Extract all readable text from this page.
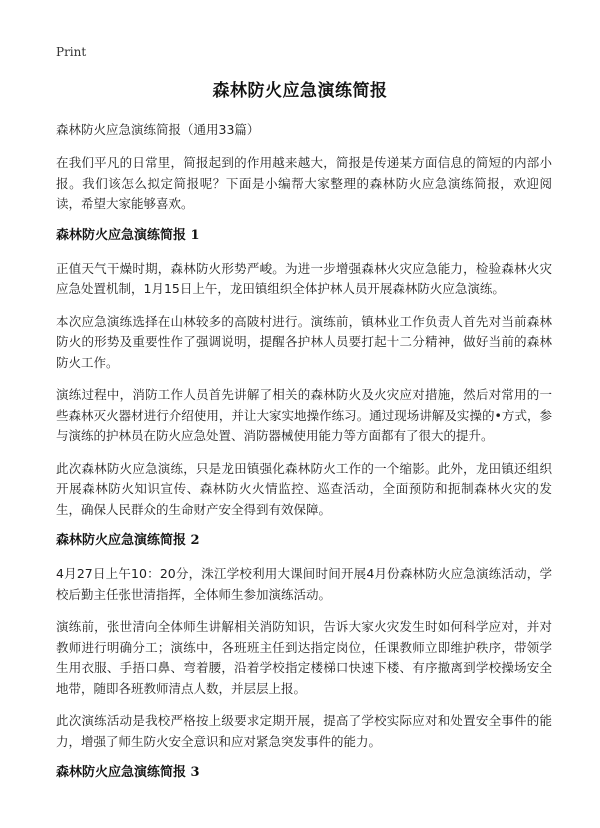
Print
森林防火应急演练简报
森林防火应急演练简报（通用33篇）

在我们平凡的日常里，简报起到的作用越来越大，简报是传递某方面信息的简短的内部小报。我们该怎么拟定简报呢？下面是小编帮大家整理的森林防火应急演练简报，欢迎阅读，希望大家能够喜欢。

森林防火应急演练简报 1

正值天气干燥时期，森林防火形势严峻。为进一步增强森林火灾应急能力，检验森林火灾应急处置机制，1月15日上午，龙田镇组织全体护林人员开展森林防火应急演练。

本次应急演练选择在山林较多的高陂村进行。演练前，镇林业工作负责人首先对当前森林防火的形势及重要性作了强调说明，提醒各护林人员要打起十二分精神，做好当前的森林防火工作。

演练过程中，消防工作人员首先讲解了相关的森林防火及火灾应对措施，然后对常用的一些森林灭火器材进行介绍使用，并让大家实地操作练习。通过现场讲解及实操的•方式，参与演练的护林员在防火应急处置、消防器械使用能力等方面都有了很大的提升。

此次森林防火应急演练，只是龙田镇强化森林防火工作的一个缩影。此外，龙田镇还组织开展森林防火知识宣传、森林防火火情监控、巡查活动，全面预防和扼制森林火灾的发生，确保人民群众的生命财产安全得到有效保障。

森林防火应急演练简报 2

4月27日上午10：20分，洙江学校利用大课间时间开展4月份森林防火应急演练活动，学校后勤主任张世清指挥，全体师生参加演练活动。

演练前，张世清向全体师生讲解相关消防知识，告诉大家火灾发生时如何科学应对，并对教师进行明确分工；演练中，各班班主任到达指定岗位，任课教师立即维护秩序，带领学生用衣服、手捂口鼻、弯着腰，沿着学校指定楼梯口快速下楼、有序撤离到学校操场安全地带，随即各班教师清点人数，并层层上报。

此次演练活动是我校严格按上级要求定期开展，提高了学校实际应对和处置安全事件的能力，增强了师生防火安全意识和应对紧急突发事件的能力。

森林防火应急演练简报 3
